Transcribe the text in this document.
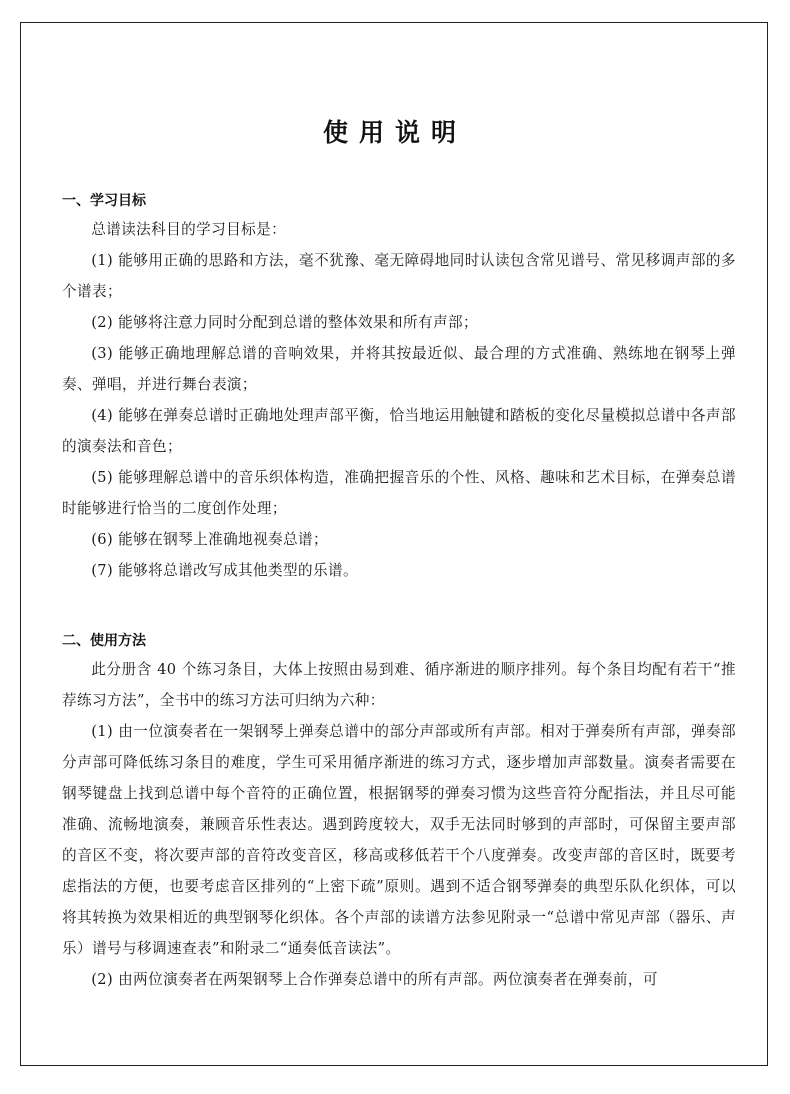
使用说明
一、学习目标

总谱读法科目的学习目标是：

(1) 能够用正确的思路和方法，毫不犹豫、毫无障碍地同时认读包含常见谱号、常见移调声部的多个谱表；

(2) 能够将注意力同时分配到总谱的整体效果和所有声部；

(3) 能够正确地理解总谱的音响效果，并将其按最近似、最合理的方式准确、熟练地在钢琴上弹奏、弹唱，并进行舞台表演；

(4) 能够在弹奏总谱时正确地处理声部平衡，恰当地运用触键和踏板的变化尽量模拟总谱中各声部的演奏法和音色；

(5) 能够理解总谱中的音乐织体构造，准确把握音乐的个性、风格、趣味和艺术目标，在弹奏总谱时能够进行恰当的二度创作处理；

(6) 能够在钢琴上准确地视奏总谱；

(7) 能够将总谱改写成其他类型的乐谱。

二、使用方法

此分册含 40 个练习条目，大体上按照由易到难、循序渐进的顺序排列。每个条目均配有若干“推荐练习方法”，全书中的练习方法可归纳为六种：

(1) 由一位演奏者在一架钢琴上弹奏总谱中的部分声部或所有声部。相对于弹奏所有声部，弹奏部分声部可降低练习条目的难度，学生可采用循序渐进的练习方式，逐步增加声部数量。演奏者需要在钢琴键盘上找到总谱中每个音符的正确位置，根据钢琴的弹奏习惯为这些音符分配指法，并且尽可能准确、流畅地演奏，兼顾音乐性表达。遇到跨度较大，双手无法同时够到的声部时，可保留主要声部的音区不变，将次要声部的音符改变音区，移高或移低若干个八度弹奏。改变声部的音区时，既要考虑指法的方便，也要考虑音区排列的“上密下疏”原则。遇到不适合钢琴弹奏的典型乐队化织体，可以将其转换为效果相近的典型钢琴化织体。各个声部的读谱方法参见附录一“总谱中常见声部（器乐、声乐）谱号与移调速查表”和附录二“通奏低音读法”。

(2) 由两位演奏者在两架钢琴上合作弹奏总谱中的所有声部。两位演奏者在弹奏前，可
